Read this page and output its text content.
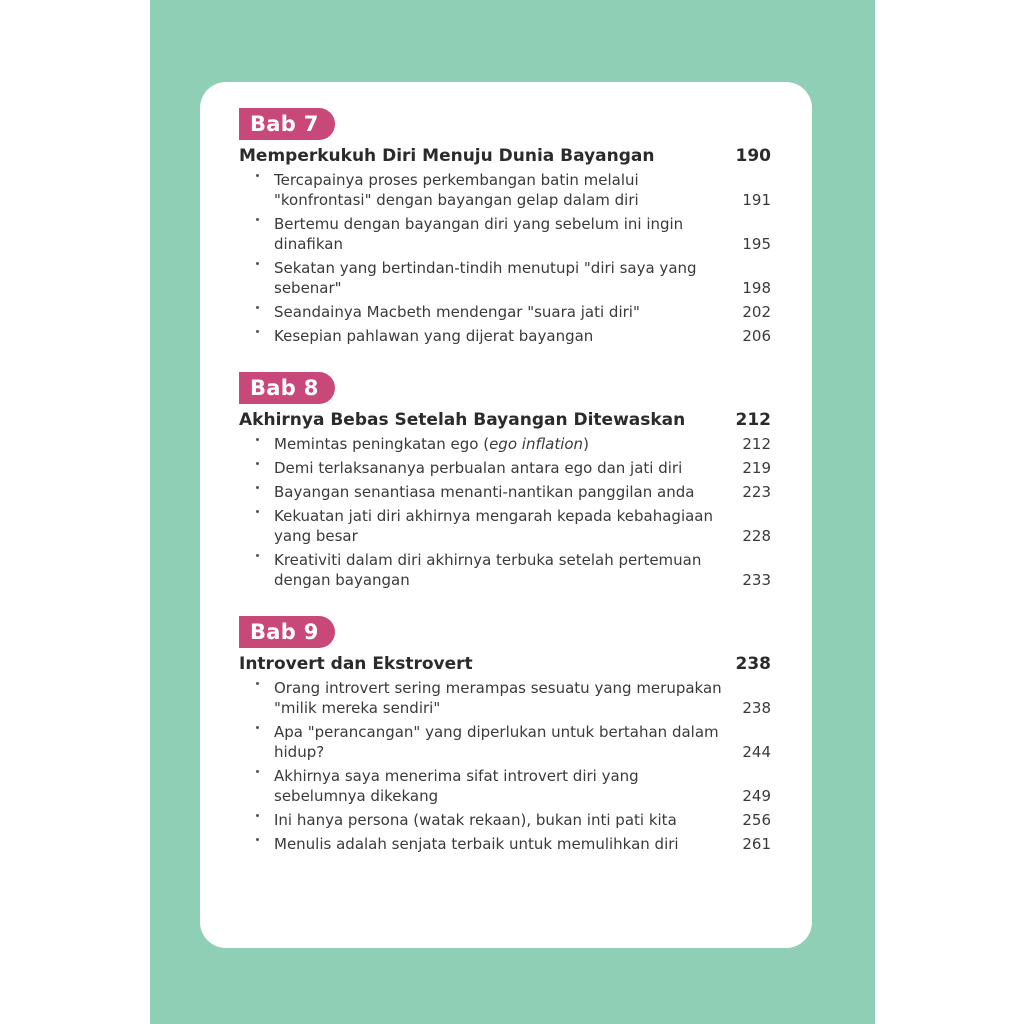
Bab 7
Memperkukuh Diri Menuju Dunia Bayangan	190
Tercapainya proses perkembangan batin melalui "konfrontasi" dengan bayangan gelap dalam diri	191
Bertemu dengan bayangan diri yang sebelum ini ingin dinafikan	195
Sekatan yang bertindan-tindih menutupi "diri saya yang sebenar"	198
Seandainya Macbeth mendengar "suara jati diri"	202
Kesepian pahlawan yang dijerat bayangan	206
Bab 8
Akhirnya Bebas Setelah Bayangan Ditewaskan	212
Memintas peningkatan ego (ego inflation)	212
Demi terlaksananya perbualan antara ego dan jati diri	219
Bayangan senantiasa menanti-nantikan panggilan anda	223
Kekuatan jati diri akhirnya mengarah kepada kebahagiaan yang besar	228
Kreativiti dalam diri akhirnya terbuka setelah pertemuan dengan bayangan	233
Bab 9
Introvert dan Ekstrovert	238
Orang introvert sering merampas sesuatu yang merupakan "milik mereka sendiri"	238
Apa "perancangan" yang diperlukan untuk bertahan dalam hidup?	244
Akhirnya saya menerima sifat introvert diri yang sebelumnya dikekang	249
Ini hanya persona (watak rekaan), bukan inti pati kita	256
Menulis adalah senjata terbaik untuk memulihkan diri	261
